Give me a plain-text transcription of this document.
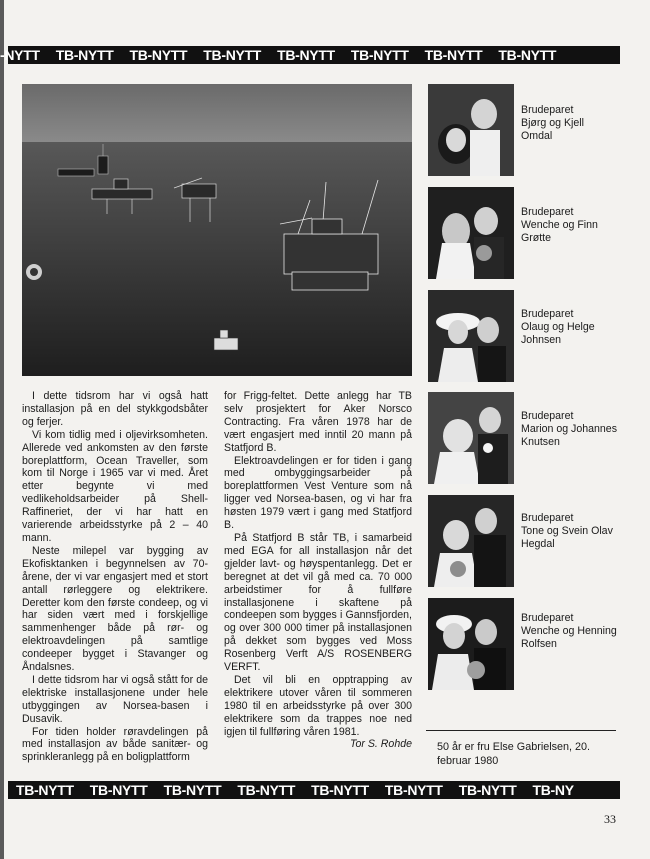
-NYTT TB-NYTT TB-NYTT TB-NYTT TB-NYTT TB-NYTT TB-NYTT TB-NYTT

I dette tidsrom har vi også hatt installasjon på en del stykkgodsbåter og ferjer.

Vi kom tidlig med i oljevirksomheten. Allerede ved ankomsten av den første boreplattform, Ocean Traveller, som kom til Norge i 1965 var vi med. Året etter begynte vi med vedlikeholdsarbeider på Shell-Raffineriet, der vi har hatt en varierende arbeidsstyrke på 2 – 40 mann.

Neste milepel var bygging av Ekofisktanken i begynnelsen av 70-årene, der vi var engasjert med et stort antall rørleggere og elektrikere. Deretter kom den første condeep, og vi har siden vært med i forskjellige sammenhenger både på rør- og elektroavdelingen på samtlige condeeper bygget i Stavanger og Åndalsnes.

I dette tidsrom har vi også stått for de elektriske installasjonene under hele utbyggingen av Norsea-basen i Dusavik.

For tiden holder røravdelingen på med installasjon av både sanitær- og sprinkleranlegg på en boligplattform

for Frigg-feltet. Dette anlegg har TB selv prosjektert for Aker Norsco Contracting. Fra våren 1978 har de vært engasjert med inntil 20 mann på Statfjord B.

Elektroavdelingen er for tiden i gang med ombyggingsarbeider på boreplattformen Vest Venture som nå ligger ved Norsea-basen, og vi har fra høsten 1979 vært i gang med Statfjord B.

På Statfjord B står TB, i samarbeid med EGA for all installasjon når det gjelder lavt- og høyspentanlegg. Det er beregnet at det vil gå med ca. 70 000 arbeidstimer for å fullføre installasjonene i skaftene på condeepen som bygges i Gannsfjorden, og over 300 000 timer på installasjonen på dekket som bygges ved Moss Rosenberg Verft A/S ROSENBERG VERFT.

Det vil bli en opptrapping av elektrikere utover våren til sommeren 1980 til en arbeidsstyrke på over 300 elektrikere som da trappes noe ned igjen til fullføring våren 1981.

Tor S. Rohde
Brudeparet
Bjørg og Kjell
Omdal
Brudeparet
Wenche og Finn
Grøtte
Brudeparet
Olaug og Helge
Johnsen
Brudeparet
Marion og Johannes
Knutsen
Brudeparet
Tone og Svein Olav
Hegdal
Brudeparet
Wenche og Henning
Rolfsen
50 år er fru Else Gabrielsen, 20. februar 1980
TB-NYTT TB-NYTT TB-NYTT TB-NYTT TB-NYTT TB-NYTT TB-NYTT TB-NY
33
